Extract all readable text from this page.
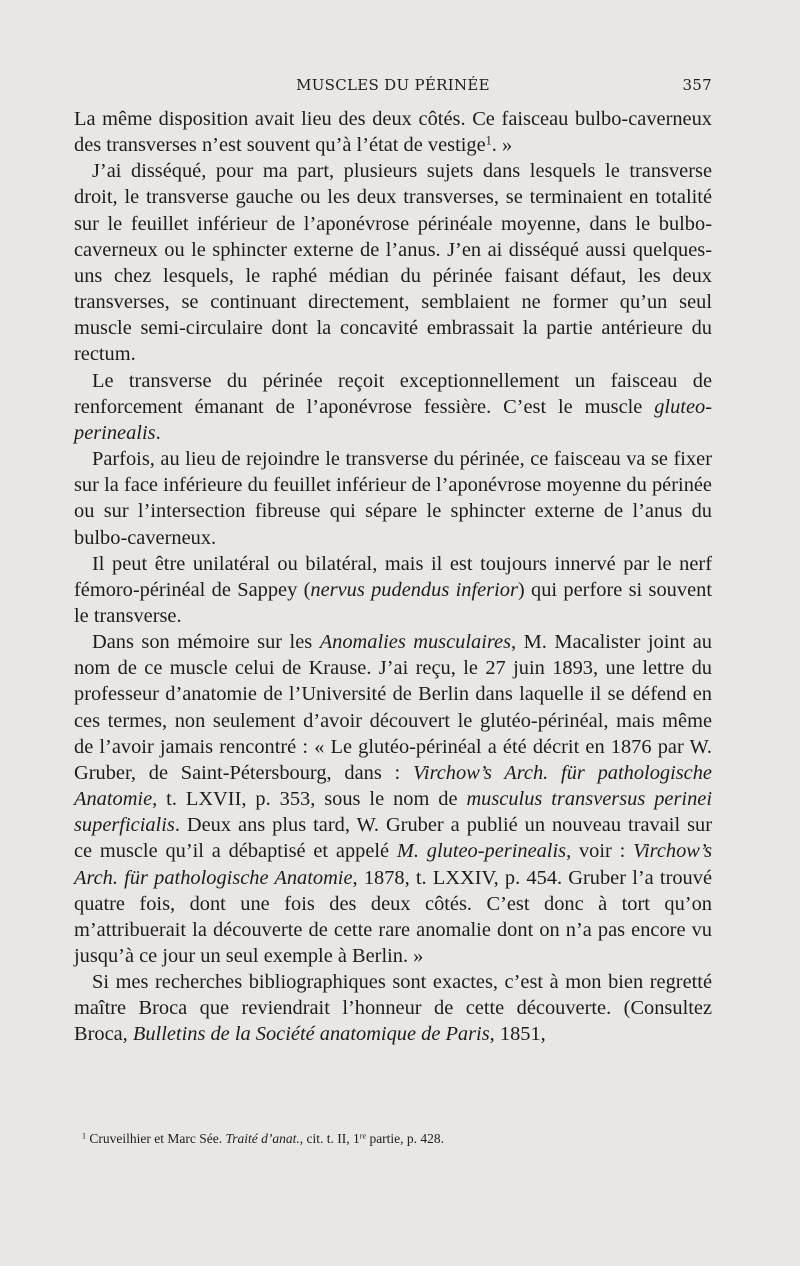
MUSCLES DU PÉRINÉE	357

La même disposition avait lieu des deux côtés. Ce faisceau bulbo-caverneux des transverses n’est souvent qu’à l’état de vestige$^1$. »

J’ai disséqué, pour ma part, plusieurs sujets dans lesquels le transverse droit, le transverse gauche ou les deux transverses, se terminaient en totalité sur le feuillet inférieur de l’aponévrose périnéale moyenne, dans le bulbo-caverneux ou le sphincter externe de l’anus. J’en ai disséqué aussi quelques-uns chez lesquels, le raphé médian du périnée faisant défaut, les deux transverses, se continuant directement, semblaient ne former qu’un seul muscle semi-circulaire dont la concavité embrassait la partie antérieure du rectum.

Le transverse du périnée reçoit exceptionnellement un faisceau de renforcement émanant de l’aponévrose fessière. C’est le muscle gluteo-perinealis.

Parfois, au lieu de rejoindre le transverse du périnée, ce faisceau va se fixer sur la face inférieure du feuillet inférieur de l’aponévrose moyenne du périnée ou sur l’intersection fibreuse qui sépare le sphincter externe de l’anus du bulbo-caverneux.

Il peut être unilatéral ou bilatéral, mais il est toujours innervé par le nerf fémoro-périnéal de Sappey (nervus pudendus inferior) qui perfore si souvent le transverse.

Dans son mémoire sur les Anomalies musculaires, M. Macalister joint au nom de ce muscle celui de Krause. J’ai reçu, le 27 juin 1893, une lettre du professeur d’anatomie de l’Université de Berlin dans laquelle il se défend en ces termes, non seulement d’avoir découvert le glutéo-périnéal, mais même de l’avoir jamais rencontré : « Le glutéo-périnéal a été décrit en 1876 par W. Gruber, de Saint-Pétersbourg, dans : Virchow’s Arch. für pathologische Anatomie, t. LXVII, p. 353, sous le nom de musculus transversus perinei superficialis. Deux ans plus tard, W. Gruber a publié un nouveau travail sur ce muscle qu’il a débaptisé et appelé M. gluteo-perinealis, voir : Virchow’s Arch. für pathologische Anatomie, 1878, t. LXXIV, p. 454. Gruber l’a trouvé quatre fois, dont une fois des deux côtés. C’est donc à tort qu’on m’attribuerait la découverte de cette rare anomalie dont on n’a pas encore vu jusqu’à ce jour un seul exemple à Berlin. »

Si mes recherches bibliographiques sont exactes, c’est à mon bien regretté maître Broca que reviendrait l’honneur de cette découverte. (Consultez Broca, Bulletins de la Société anatomique de Paris, 1851,

$^1$ Cruveilhier et Marc Sée. Traité d’anat., cit. t. II, 1re partie, p. 428.
